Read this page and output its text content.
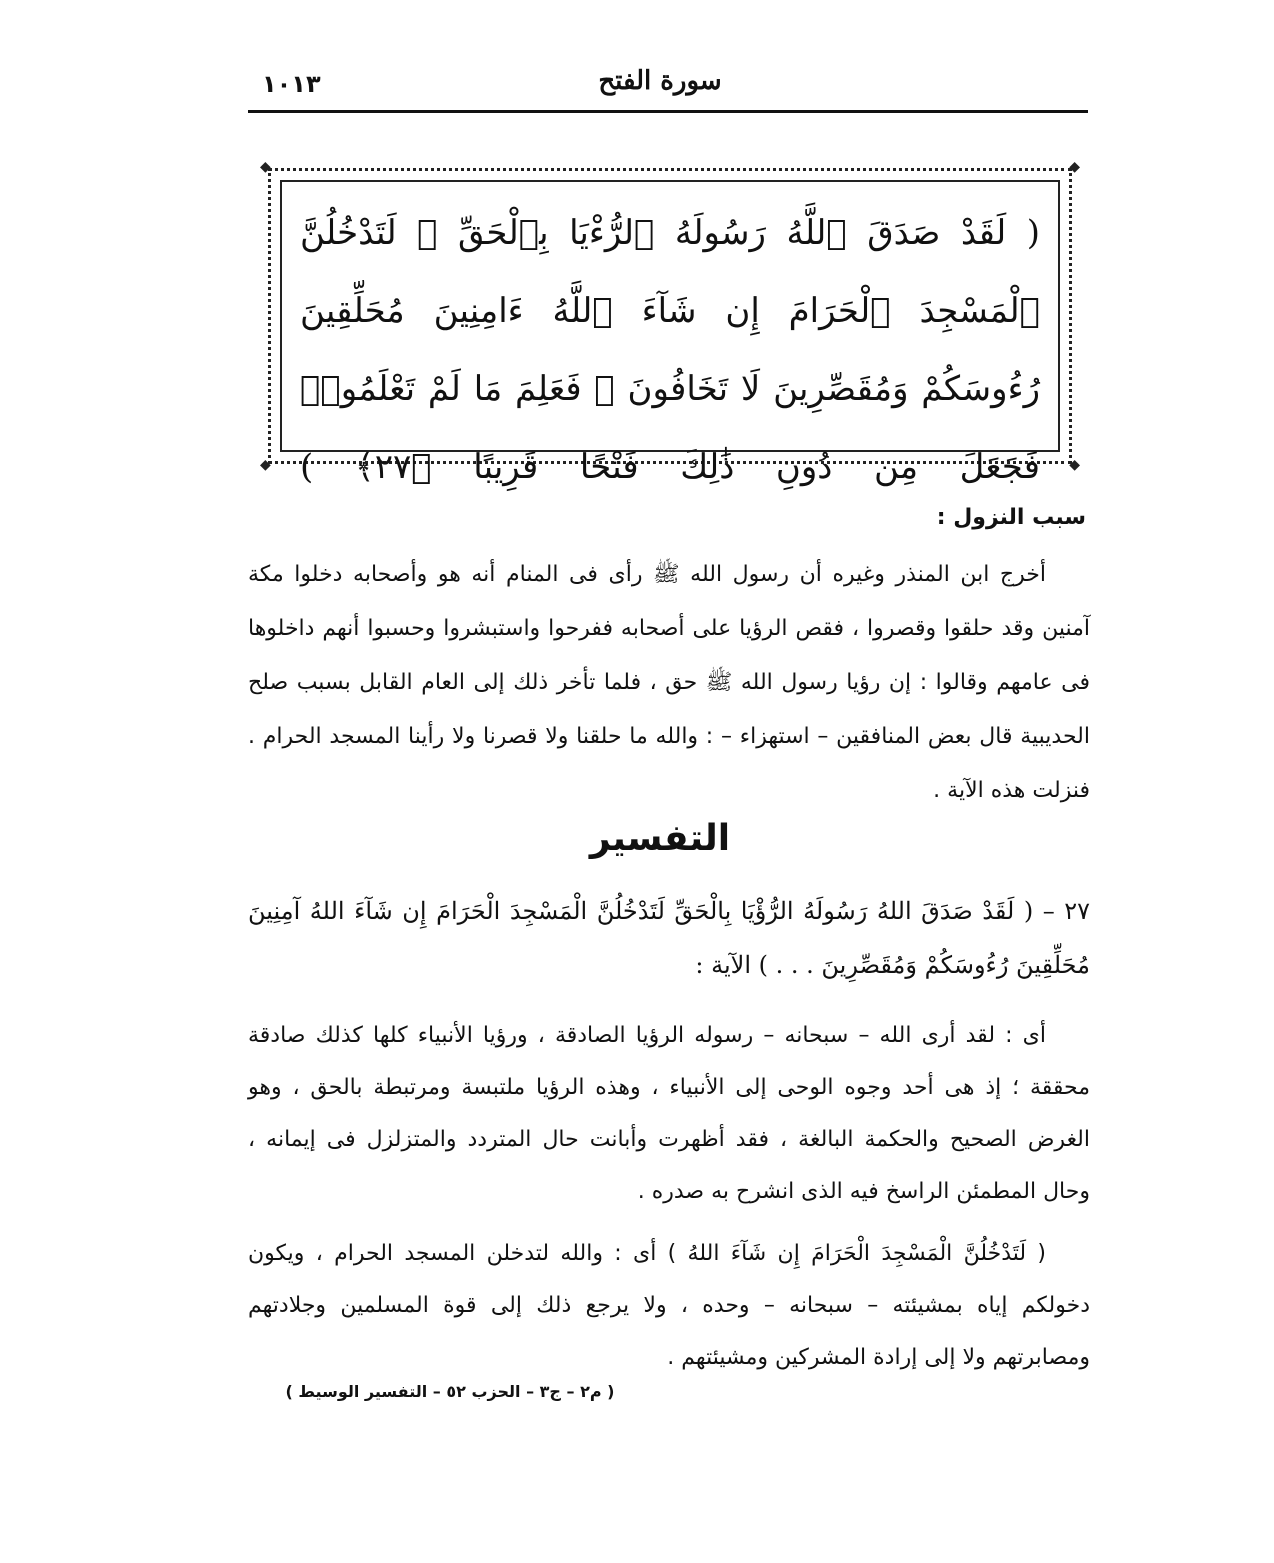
سورة الفتح
١٠١٣
◆	◆
◆	◆
( لَقَدْ صَدَقَ ٱللَّهُ رَسُولَهُ ٱلرُّءْيَا بِٱلْحَقِّ ۖ لَتَدْخُلُنَّ ٱلْمَسْجِدَ ٱلْحَرَامَ إِن شَآءَ ٱللَّهُ ءَامِنِينَ مُحَلِّقِينَ رُءُوسَكُمْ وَمُقَصِّرِينَ لَا تَخَافُونَ ۖ فَعَلِمَ مَا لَمْ تَعْلَمُوا۟ فَجَعَلَ مِن دُونِ ذَٰلِكَ فَتْحًا قَرِيبًا ﴿٢٧﴾ )
سبب النزول :
أخرج ابن المنذر وغيره أن رسول الله ﷺ رأى فى المنام أنه هو وأصحابه دخلوا مكة آمنين وقد حلقوا وقصروا ، فقص الرؤيا على أصحابه ففرحوا واستبشروا وحسبوا أنهم داخلوها فى عامهم وقالوا : إن رؤيا رسول الله ﷺ حق ، فلما تأخر ذلك إلى العام القابل بسبب صلح الحديبية قال بعض المنافقين – استهزاء – : والله ما حلقنا ولا قصرنا ولا رأينا المسجد الحرام . فنزلت هذه الآية .
التفسير
٢٧ – ( لَقَدْ صَدَقَ اللهُ رَسُولَهُ الرُّؤْيَا بِالْحَقِّ لَتَدْخُلُنَّ الْمَسْجِدَ الْحَرَامَ إِن شَآءَ اللهُ آمِنِينَ مُحَلِّقِينَ رُءُوسَكُمْ وَمُقَصِّرِينَ . . . ) الآية :
أى : لقد أرى الله – سبحانه – رسوله الرؤيا الصادقة ، ورؤيا الأنبياء كلها كذلك صادقة محققة ؛ إذ هى أحد وجوه الوحى إلى الأنبياء ، وهذه الرؤيا ملتبسة ومرتبطة بالحق ، وهو الغرض الصحيح والحكمة البالغة ، فقد أظهرت وأبانت حال المتردد والمتزلزل فى إيمانه ، وحال المطمئن الراسخ فيه الذى انشرح به صدره .
( لَتَدْخُلُنَّ الْمَسْجِدَ الْحَرَامَ إِن شَآءَ اللهُ ) أى : والله لتدخلن المسجد الحرام ، ويكون دخولكم إياه بمشيئته – سبحانه – وحده ، ولا يرجع ذلك إلى قوة المسلمين وجلادتهم ومصابرتهم ولا إلى إرادة المشركين ومشيئتهم .
( م٢ – ج٣ – الحزب ٥٢ – التفسير الوسيط )
